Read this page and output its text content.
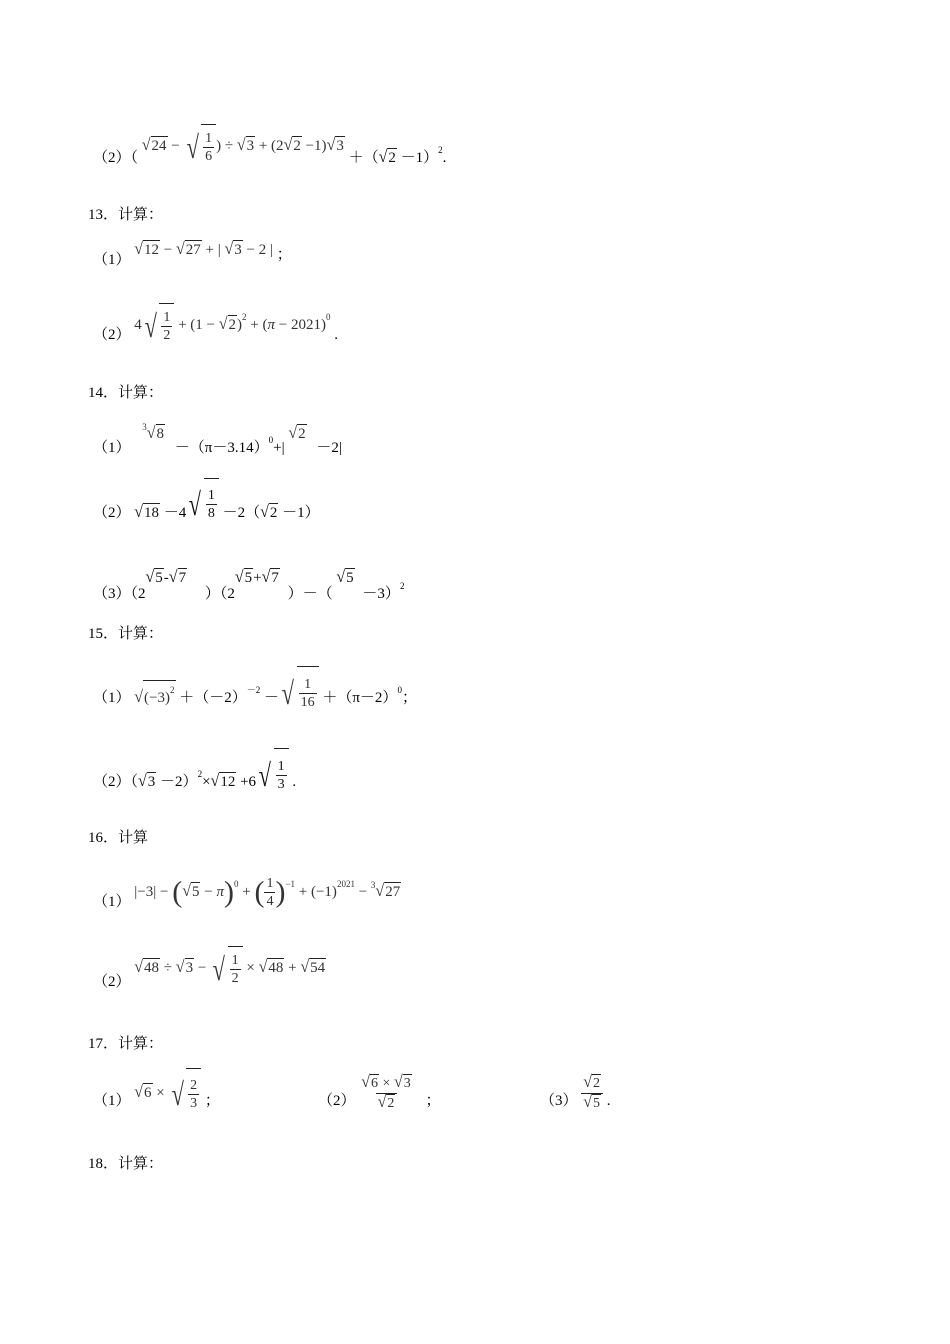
（2）（ √24 − √ $\frac{1}{6}$ ) ÷ $√3 + (2√2 -1)√3 +(√2 -1)^2$.
13．计算：
（1） √12 − √27 + | √3 − 2 | ；
（2） $4√ \frac{1}{2} + (1 - √2)^2 + (\pi - 2021)^0$ .
14．计算：
（1） $^3√8 -(\pi-3.14)_0+|$ √2 －2|
（2） $√18 -4√ \frac{1}{8} -2(√2 -1)$
（3）（2√5-√7 ）（2√5+√7 ）－（ $√5 -3)_2$
15．计算：
（1） $√(-3)^2 +(-2)^{-2}$ －√ $\frac{1}{16} +(\pi-2)^0$；
$(2)(√3 -2)^2\times√12 +6√ \frac{1}{3}$ .
16．计算
（1） $|-3| - (√5 - \pi)^0$ + ( $\frac{1}{4} )^{-1} + (-1)^{2021} - ^3√27$
（2） √48 ÷ √3 − √ $\frac{1}{2} \times √48 + √54$
17．计算：
（1） √6 × √ $\frac{2}{3}$ ；	$(2) \frac{√6 \times √3}{√2}$ ；	$(3) \frac{√2}{√5}$ .
18．计算：
